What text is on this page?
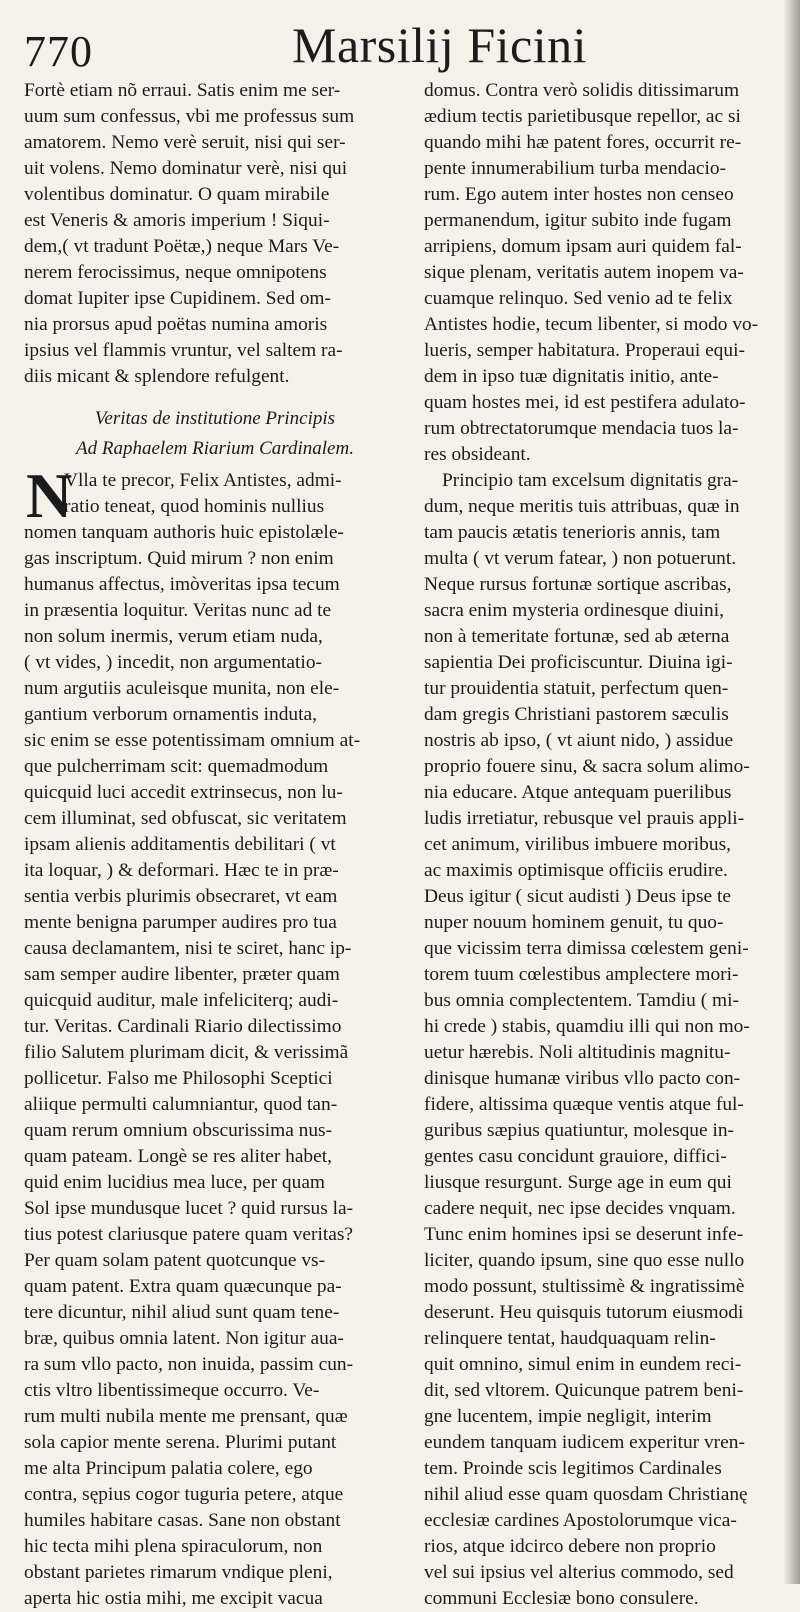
770	Marsilij Ficini
Fortè etiam nõ erraui. Satis enim me ser-
uum sum confessus, vbi me professus sum
amatorem. Nemo verè seruit, nisi qui ser-
uit volens. Nemo dominatur verè, nisi qui
volentibus dominatur. O quam mirabile
est Veneris & amoris imperium ! Siqui-
dem,( vt tradunt Poëtæ,) neque Mars Ve-
nerem ferocissimus, neque omnipotens
domat Iupiter ipse Cupidinem. Sed om-
nia prorsus apud poëtas numina amoris
ipsius vel flammis vruntur, vel saltem ra-
diis micant & splendore refulgent.
Veritas de institutione Principis
Ad Raphaelem Riarium Cardinalem.
N
Vlla te precor, Felix Antistes, admi-
ratio teneat, quod hominis nullius
nomen tanquam authoris huic epistolæle-
gas inscriptum. Quid mirum ? non enim
humanus affectus, imòveritas ipsa tecum
in præsentia loquitur. Veritas nunc ad te
non solum inermis, verum etiam nuda,
( vt vides, ) incedit, non argumentatio-
num argutiis aculeisque munita, non ele-
gantium verborum ornamentis induta,
sic enim se esse potentissimam omnium at-
que pulcherrimam scit: quemadmodum
quicquid luci accedit extrinsecus, non lu-
cem illuminat, sed obfuscat, sic veritatem
ipsam alienis additamentis debilitari ( vt
ita loquar, ) & deformari. Hæc te in præ-
sentia verbis plurimis obsecraret, vt eam
mente benigna parumper audires pro tua
causa declamantem, nisi te sciret, hanc ip-
sam semper audire libenter, præter quam
quicquid auditur, male infeliciterq; audi-
tur. Veritas. Cardinali Riario dilectissimo
filio Salutem plurimam dicit, & verissimã
pollicetur. Falso me Philosophi Sceptici
aliique permulti calumniantur, quod tan-
quam rerum omnium obscurissima nus-
quam pateam. Longè se res aliter habet,
quid enim lucidius mea luce, per quam
Sol ipse mundusque lucet ? quid rursus la-
tius potest clariusque patere quam veritas?
Per quam solam patent quotcunque vs-
quam patent. Extra quam quæcunque pa-
tere dicuntur, nihil aliud sunt quam tene-
bræ, quibus omnia latent. Non igitur aua-
ra sum vllo pacto, non inuida, passim cun-
ctis vltro libentissimeque occurro. Ve-
rum multi nubila mente me prensant, quæ
sola capior mente serena. Plurimi putant
me alta Principum palatia colere, ego
contra, sępius cogor tuguria petere, atque
humiles habitare casas. Sane non obstant
hic tecta mihi plena spiraculorum, non
obstant parietes rimarum vndique pleni,
aperta hic ostia mihi, me excipit vacua
domus. Contra verò solidis ditissimarum
ædium tectis parietibusque repellor, ac si
quando mihi hæ patent fores, occurrit re-
pente innumerabilium turba mendacio-
rum. Ego autem inter hostes non censeo
permanendum, igitur subito inde fugam
arripiens, domum ipsam auri quidem fal-
sique plenam, veritatis autem inopem va-
cuamque relinquo. Sed venio ad te felix
Antistes hodie, tecum libenter, si modo vo-
lueris, semper habitatura. Properaui equi-
dem in ipso tuæ dignitatis initio, ante-
quam hostes mei, id est pestifera adulato-
rum obtrectatorumque mendacia tuos la-
res obsideant.
Principio tam excelsum dignitatis gra-
dum, neque meritis tuis attribuas, quæ in
tam paucis ætatis tenerioris annis, tam
multa ( vt verum fatear, ) non potuerunt.
Neque rursus fortunæ sortique ascribas,
sacra enim mysteria ordinesque diuini,
non à temeritate fortunæ, sed ab æterna
sapientia Dei proficiscuntur. Diuina igi-
tur prouidentia statuit, perfectum quen-
dam gregis Christiani pastorem sæculis
nostris ab ipso, ( vt aiunt nido, ) assidue
proprio fouere sinu, & sacra solum alimo-
nia educare. Atque antequam puerilibus
ludis irretiatur, rebusque vel prauis appli-
cet animum, virilibus imbuere moribus,
ac maximis optimisque officiis erudire.
Deus igitur ( sicut audisti ) Deus ipse te
nuper nouum hominem genuit, tu quo-
que vicissim terra dimissa cœlestem geni-
torem tuum cœlestibus amplectere mori-
bus omnia complectentem. Tamdiu ( mi-
hi crede ) stabis, quamdiu illi qui non mo-
uetur hærebis. Noli altitudinis magnitu-
dinisque humanæ viribus vllo pacto con-
fidere, altissima quæque ventis atque ful-
guribus sæpius quatiuntur, molesque in-
gentes casu concidunt grauiore, diffici-
liusque resurgunt. Surge age in eum qui
cadere nequit, nec ipse decides vnquam.
Tunc enim homines ipsi se deserunt infe-
liciter, quando ipsum, sine quo esse nullo
modo possunt, stultissimè & ingratissimè
deserunt. Heu quisquis tutorum eiusmodi
relinquere tentat, haudquaquam relin-
quit omnino, simul enim in eundem reci-
dit, sed vltorem. Quicunque patrem beni-
gne lucentem, impie negligit, interim
eundem tanquam iudicem experitur vren-
tem. Proinde scis legitimos Cardinales
nihil aliud esse quam quosdam Christianę
ecclesiæ cardines Apostolorumque vica-
rios, atque idcirco debere non proprio
vel sui ipsius vel alterius commodo, sed
communi Ecclesiæ bono consulere.
